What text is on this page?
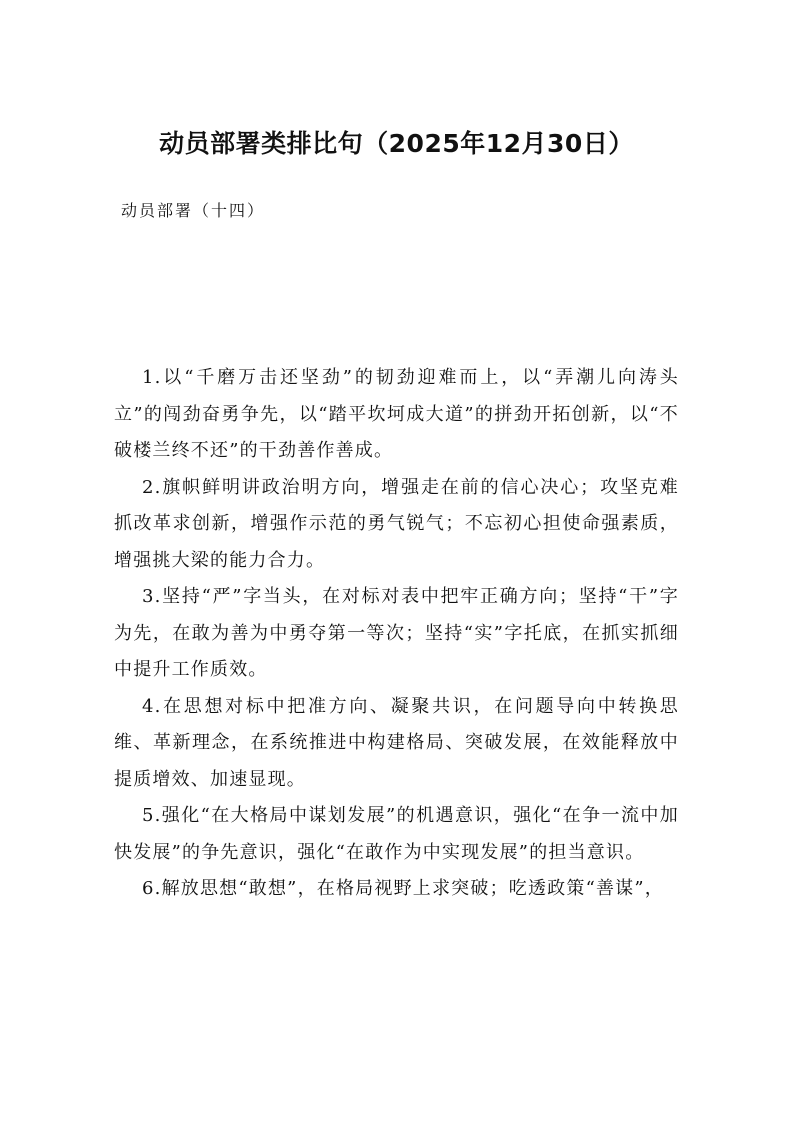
动员部署类排比句（2025年12月30日）

动员部署（十四）

1.以“千磨万击还坚劲”的韧劲迎难而上，以“弄潮儿向涛头立”的闯劲奋勇争先，以“踏平坎坷成大道”的拼劲开拓创新，以“不破楼兰终不还”的干劲善作善成。

2.旗帜鲜明讲政治明方向，增强走在前的信心决心；攻坚克难抓改革求创新，增强作示范的勇气锐气；不忘初心担使命强素质，增强挑大梁的能力合力。

3.坚持“严”字当头，在对标对表中把牢正确方向；坚持“干”字为先，在敢为善为中勇夺第一等次；坚持“实”字托底，在抓实抓细中提升工作质效。

4.在思想对标中把准方向、凝聚共识，在问题导向中转换思维、革新理念，在系统推进中构建格局、突破发展，在效能释放中提质增效、加速显现。

5.强化“在大格局中谋划发展”的机遇意识，强化“在争一流中加快发展”的争先意识，强化“在敢作为中实现发展”的担当意识。

6.解放思想“敢想”，在格局视野上求突破；吃透政策“善谋”，
